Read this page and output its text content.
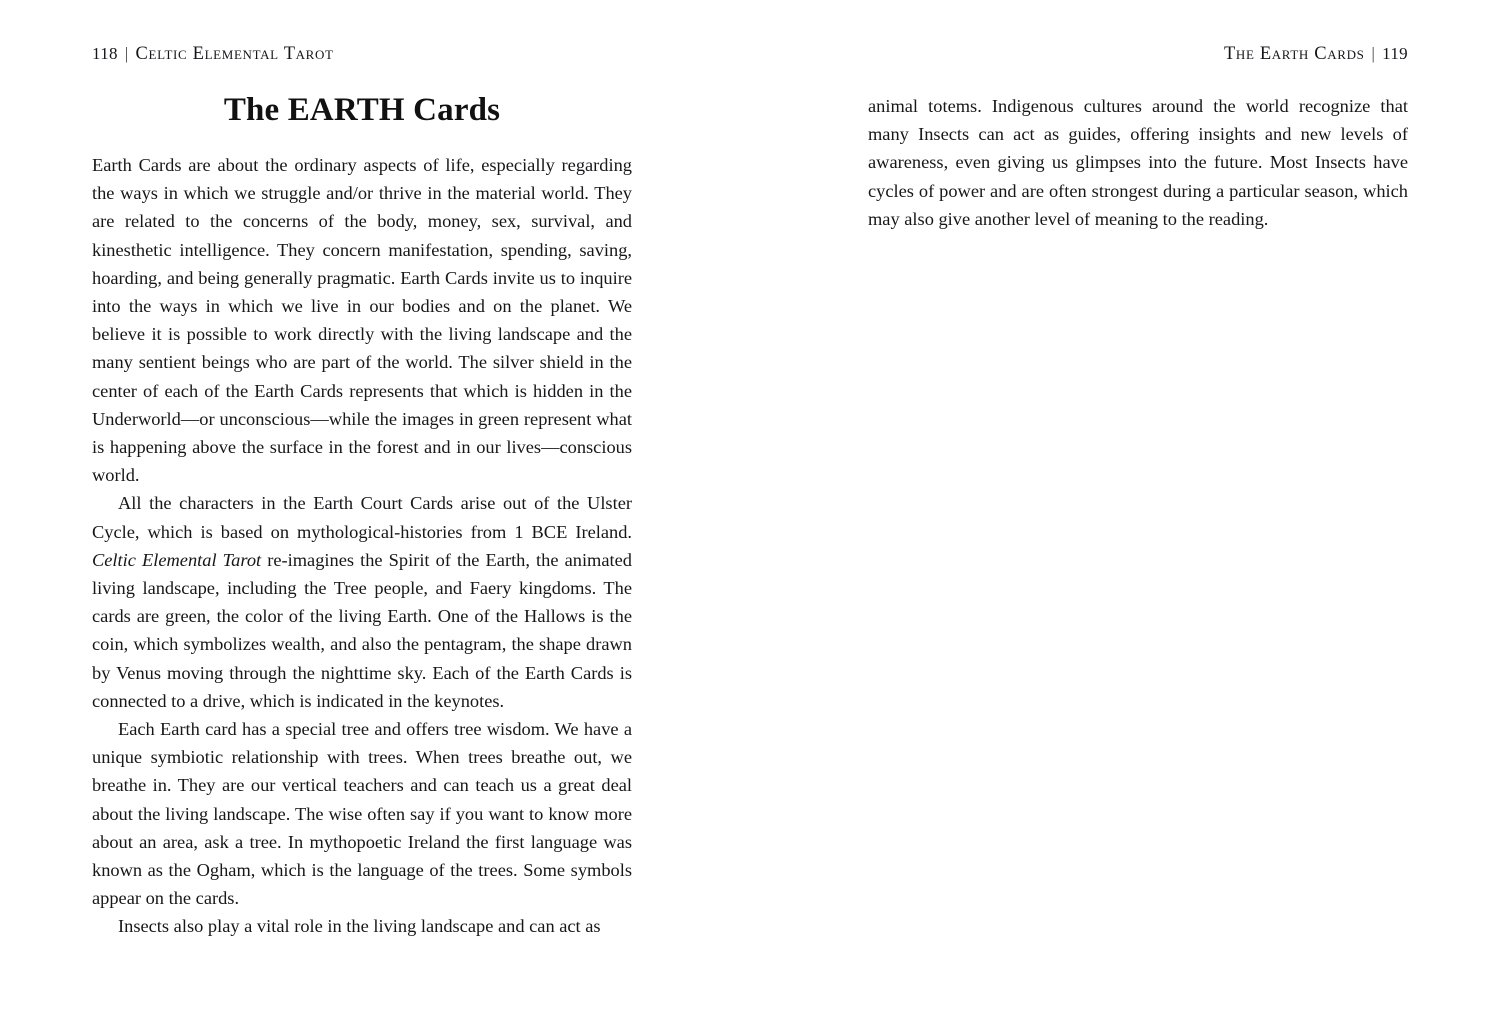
118 | Celtic Elemental Tarot	The Earth Cards | 119
The EARTH Cards

Earth Cards are about the ordinary aspects of life, especially regarding the ways in which we struggle and/or thrive in the material world. They are related to the concerns of the body, money, sex, survival, and kinesthetic intelligence. They concern manifestation, spending, saving, hoarding, and being generally pragmatic. Earth Cards invite us to inquire into the ways in which we live in our bodies and on the planet. We believe it is possible to work directly with the living landscape and the many sentient beings who are part of the world. The silver shield in the center of each of the Earth Cards represents that which is hidden in the Underworld—or unconscious—while the images in green represent what is happening above the surface in the forest and in our lives—conscious world.

All the characters in the Earth Court Cards arise out of the Ulster Cycle, which is based on mythological-histories from 1 BCE Ireland. Celtic Elemental Tarot re-imagines the Spirit of the Earth, the animated living landscape, including the Tree people, and Faery kingdoms. The cards are green, the color of the living Earth. One of the Hallows is the coin, which symbolizes wealth, and also the pentagram, the shape drawn by Venus moving through the nighttime sky. Each of the Earth Cards is connected to a drive, which is indicated in the keynotes.

Each Earth card has a special tree and offers tree wisdom. We have a unique symbiotic relationship with trees. When trees breathe out, we breathe in. They are our vertical teachers and can teach us a great deal about the living landscape. The wise often say if you want to know more about an area, ask a tree. In mythopoetic Ireland the first language was known as the Ogham, which is the language of the trees. Some symbols appear on the cards.

Insects also play a vital role in the living landscape and can act as

animal totems. Indigenous cultures around the world recognize that many Insects can act as guides, offering insights and new levels of awareness, even giving us glimpses into the future. Most Insects have cycles of power and are often strongest during a particular season, which may also give another level of meaning to the reading.
